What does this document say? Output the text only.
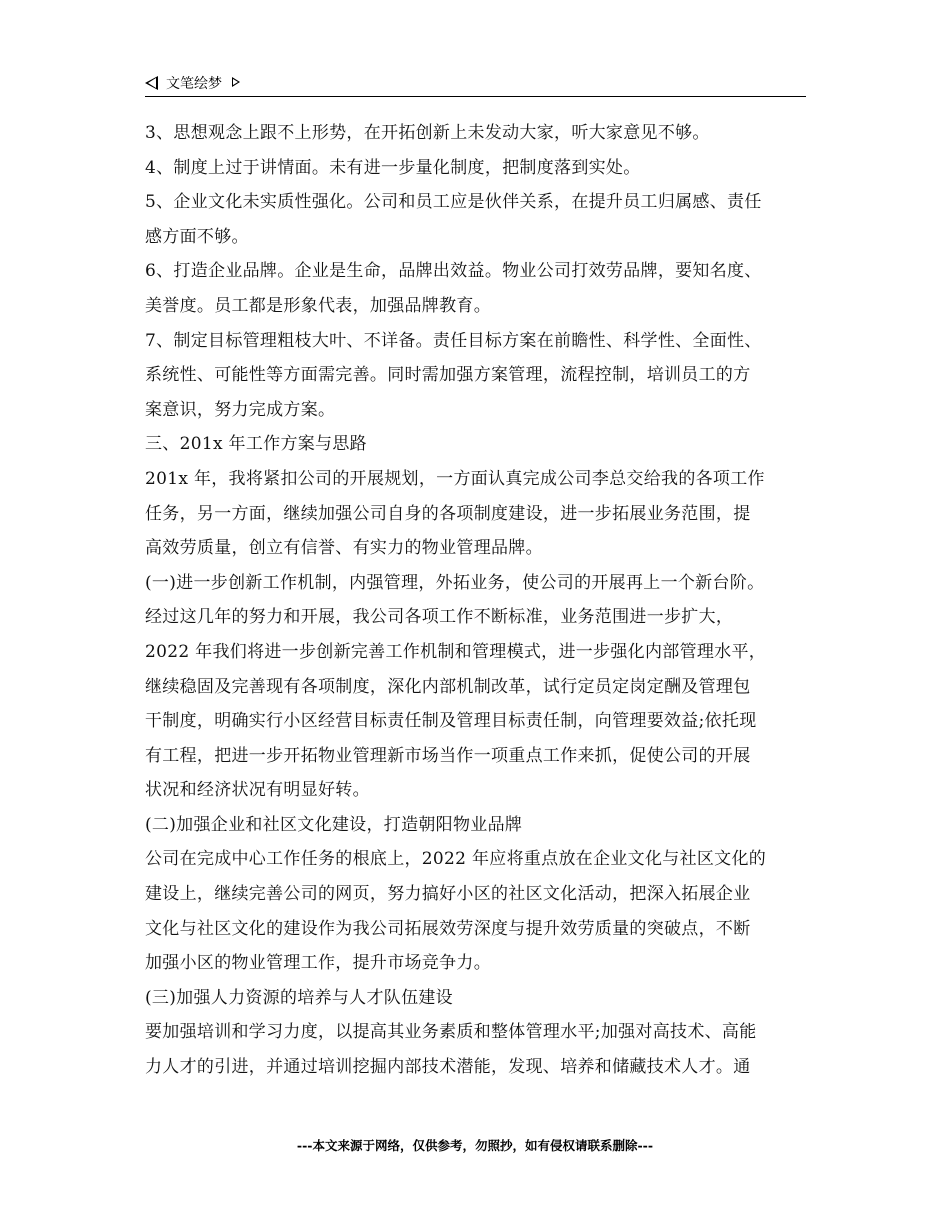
文笔绘梦

3、思想观念上跟不上形势，在开拓创新上未发动大家，听大家意见不够。

4、制度上过于讲情面。未有进一步量化制度，把制度落到实处。

5、企业文化未实质性强化。公司和员工应是伙伴关系，在提升员工归属感、责任

感方面不够。

6、打造企业品牌。企业是生命，品牌出效益。物业公司打效劳品牌，要知名度、

美誉度。员工都是形象代表，加强品牌教育。

7、制定目标管理粗枝大叶、不详备。责任目标方案在前瞻性、科学性、全面性、

系统性、可能性等方面需完善。同时需加强方案管理，流程控制，培训员工的方

案意识，努力完成方案。

三、201x 年工作方案与思路

201x 年，我将紧扣公司的开展规划，一方面认真完成公司李总交给我的各项工作

任务，另一方面，继续加强公司自身的各项制度建设，进一步拓展业务范围，提

高效劳质量，创立有信誉、有实力的物业管理品牌。

(一)进一步创新工作机制，内强管理，外拓业务，使公司的开展再上一个新台阶。

经过这几年的努力和开展，我公司各项工作不断标准，业务范围进一步扩大，

2022 年我们将进一步创新完善工作机制和管理模式，进一步强化内部管理水平，

继续稳固及完善现有各项制度，深化内部机制改革，试行定员定岗定酬及管理包

干制度，明确实行小区经营目标责任制及管理目标责任制，向管理要效益;依托现

有工程，把进一步开拓物业管理新市场当作一项重点工作来抓，促使公司的开展

状况和经济状况有明显好转。

(二)加强企业和社区文化建设，打造朝阳物业品牌

公司在完成中心工作任务的根底上，2022 年应将重点放在企业文化与社区文化的

建设上，继续完善公司的网页，努力搞好小区的社区文化活动，把深入拓展企业

文化与社区文化的建设作为我公司拓展效劳深度与提升效劳质量的突破点，不断

加强小区的物业管理工作，提升市场竞争力。

(三)加强人力资源的培养与人才队伍建设

要加强培训和学习力度，以提高其业务素质和整体管理水平;加强对高技术、高能

力人才的引进，并通过培训挖掘内部技术潜能，发现、培养和储藏技术人才。通

---本文来源于网络，仅供参考，勿照抄，如有侵权请联系删除---
